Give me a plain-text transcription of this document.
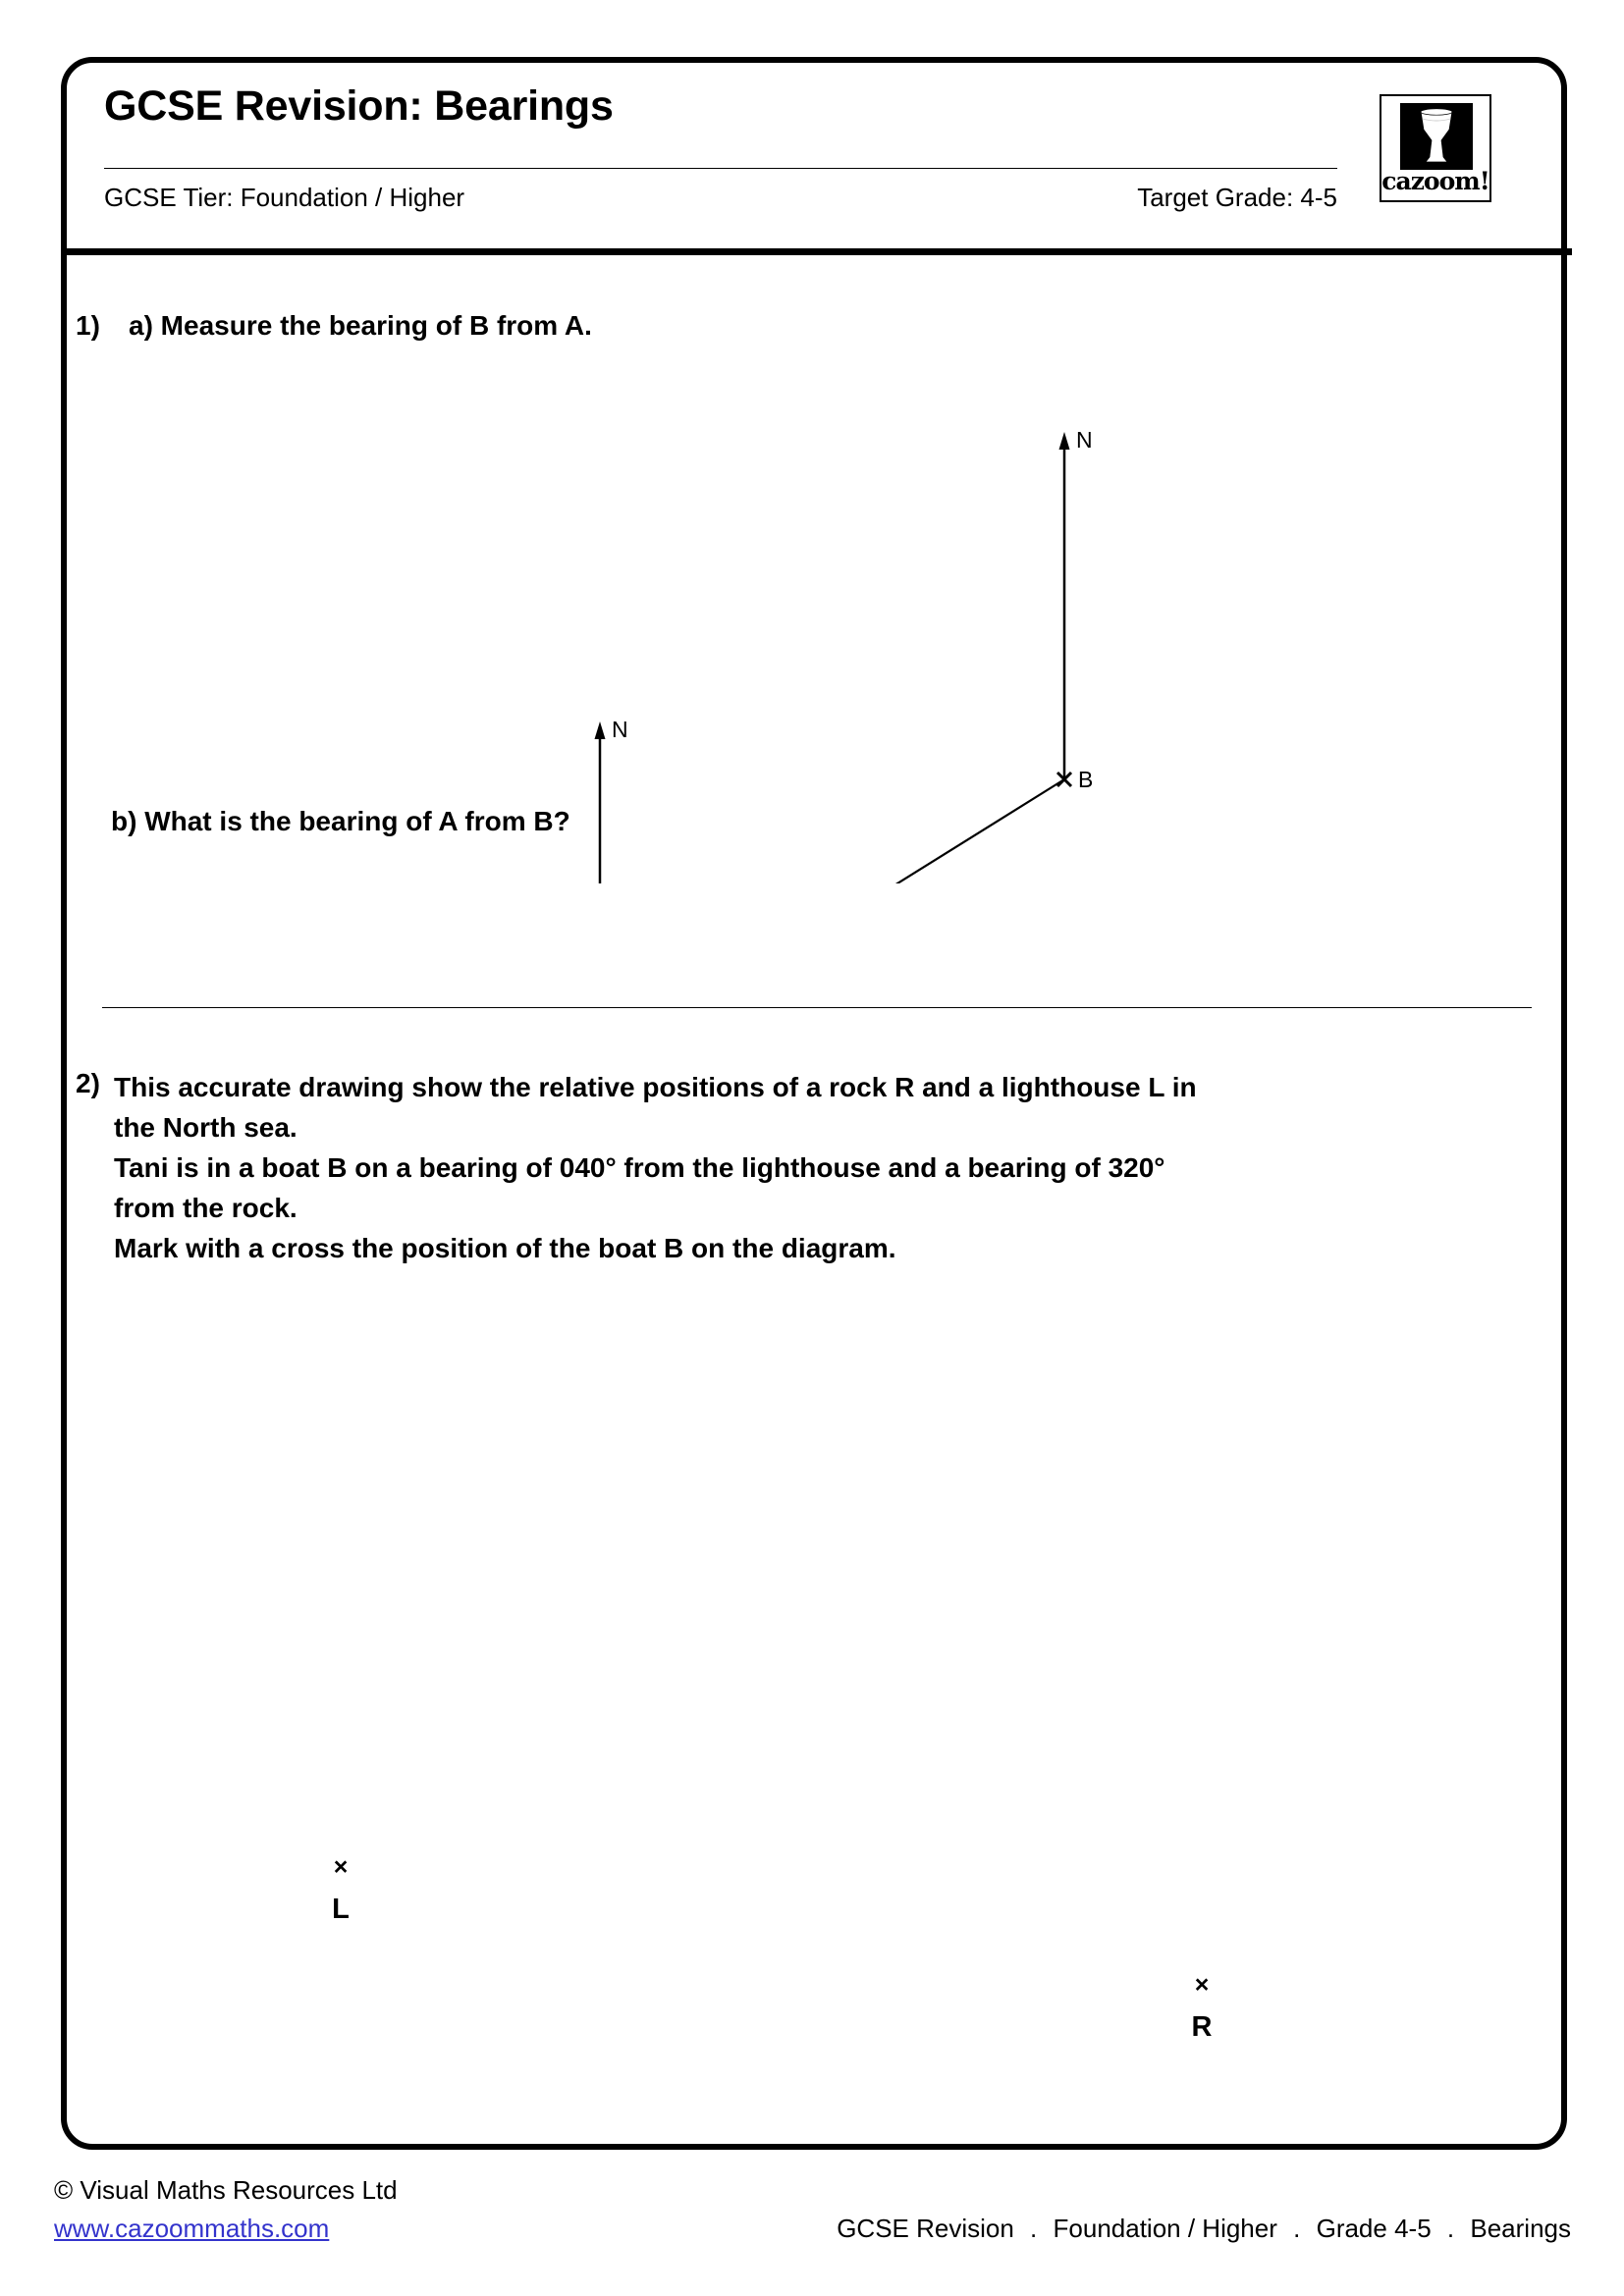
GCSE Revision: Bearings
GCSE Tier: Foundation / Higher	Target Grade: 4-5
cazoom!
1) a) Measure the bearing of B from A.
N
N
B
b) What is the bearing of A from B?
2) This accurate drawing show the relative positions of a rock R and a lighthouse L in

the North sea.

Tani is in a boat B on a bearing of 040° from the lighthouse and a bearing of 320°

from the rock.

Mark with a cross the position of the boat B on the diagram.

×
L
×
R
© Visual Maths Resources Ltd
www.cazoommaths.com	GCSE Revision . Foundation / Higher . Grade 4-5 . Bearings
